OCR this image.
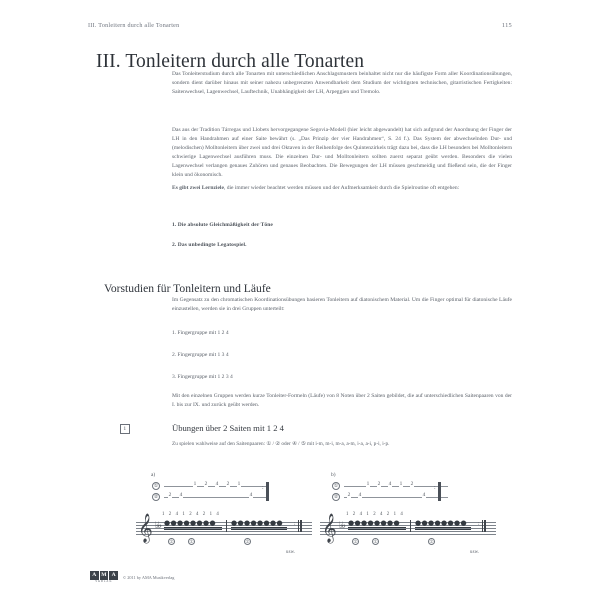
III. Tonleitern durch alle Tonarten	115
III. Tonleitern durch alle Tonarten

Das Tonleiterstudium durch alle Tonarten mit unterschiedlichen Anschlagsmustern beinhaltet nicht nur die häufigste Form aller Koordinationsübungen, sondern dient darüber hinaus mit seiner nahezu unbegrenzten Anwendbarkeit dem Studium der wichtigsten technischen, gitarristischen Fertigkeiten: Saitenwechsel, Lagenwechsel, Lauftechnik, Unabhängigkeit der LH, Arpeggien und Tremolo.

Das aus der Tradition Tárregas und Llobets hervorgegangene Segovia-Modell (hier leicht abgewandelt) hat sich aufgrund der Anordnung der Finger der LH in den Handrahmen auf einer Saite bewährt (s. „Das Prinzip der vier Handrahmen“, S. 24 f.). Das System der abwechselnden Dur- und (melodischen) Molltonleitern über zwei und drei Oktaven in der Reihenfolge des Quintenzirkels trägt dazu bei, dass die LH besonders bei Molltonleitern schwierige Lagenwechsel ausführen muss. Die einzelnen Dur- und Molltonleitern sollten zuerst separat geübt werden. Besonders die vielen Lagenwechsel verlangen genaues Zuhören und genaues Beobachten. Die Bewegungen der LH müssen geschmeidig und fließend sein, die der Finger klein und ökonomisch.

Es gibt zwei Lernziele, die immer wieder beachtet werden müssen und der Aufmerksamkeit durch die Spielroutine oft entgehen:

1. Die absolute Gleichmäßigkeit der Töne
2. Das unbedingte Legatospiel.
Vorstudien für Tonleitern und Läufe

Im Gegensatz zu den chromatischen Koordinationsübungen basieren Tonleitern auf diatonischem Material. Um die Finger optimal für diatonische Läufe einzustellen, werden sie in drei Gruppen unterteilt:

1. Fingergruppe mit 1 2 4
2. Fingergruppe mit 1 3 4
3. Fingergruppe mit 1 2 3 4

Mit den einzelnen Gruppen werden kurze Tonleiter-Formeln (Läufe) von 8 Noten über 2 Saiten gebildet, die auf unterschiedlichen Saitenpaaren von der I. bis zur IX. und zurück geübt werden.

1	Übungen über 2 Saiten mit 1 2 4
Zu spielen wahlweise auf den Saitenpaaren: ① / ② oder ④ / ⑤ mit i-m, m-i, m-a, a-m, i-a, a-i, p-i, i-p.
a)
①
②
1 2 4 2 1
2 4	4
:
b)
①
②
1 2 4 1 2
2 4	4
:
1 2 4 1 2 4 2 1 4
𝄞 ♭♭ ●●●●●●●● ●●●●●●●● :
②	①	②
usw.
1 2 4 1 2 4 2 1 4
𝄞 ♭♭ ●●●●●●●● ●●●●●●●● :
②	①	②
usw.
A M A
VERLAG
© 2011 by AMA Musikverlag
